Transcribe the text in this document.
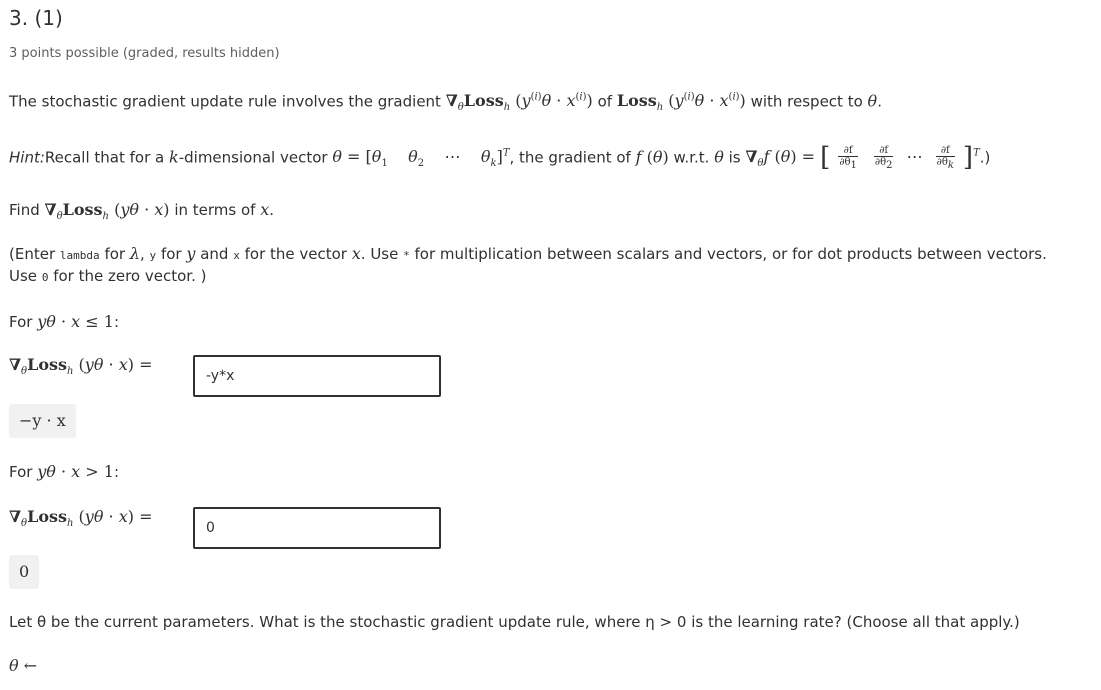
3. (1)
3 points possible (graded, results hidden)
The stochastic gradient update rule involves the gradient $\nabla_\theta Loss_h$ $(y^{(i)}\theta \cdot x^{(i)})$ of Loss$_h$ $(y^{(i)}\theta \cdot x^{(i)})$ with respect to θ.
Hint:Recall that for a k-dimensional vector $\theta = [\theta_1$ $\theta_2$    ⋯    $\theta_k]^T$, the gradient of f (θ) w.r.t. θ is $\nabla_\theta f$ (θ) = [ $\frac{\partial f}{\partial\theta_1} \frac{\partial f}{\partial\theta_2}$ ⋯ $\frac{\partial f}{\partial\theta_k} ]^T$.)
Find $\nabla_\theta Loss_h$ (yθ · x) in terms of x.
(Enter lambda for λ, y for y and x for the vector x. Use * for multiplication between scalars and vectors, or for dot products between vectors.
Use 0 for the zero vector. )
For yθ · x ≤ 1:
$\nabla_\theta Loss_h$ (yθ · x) =
-y*x
−y · x
For yθ · x > 1:
$\nabla_\theta Loss_h$ (yθ · x) =
0
0
Let θ be the current parameters. What is the stochastic gradient update rule, where η > 0 is the learning rate? (Choose all that apply.)
θ ←
